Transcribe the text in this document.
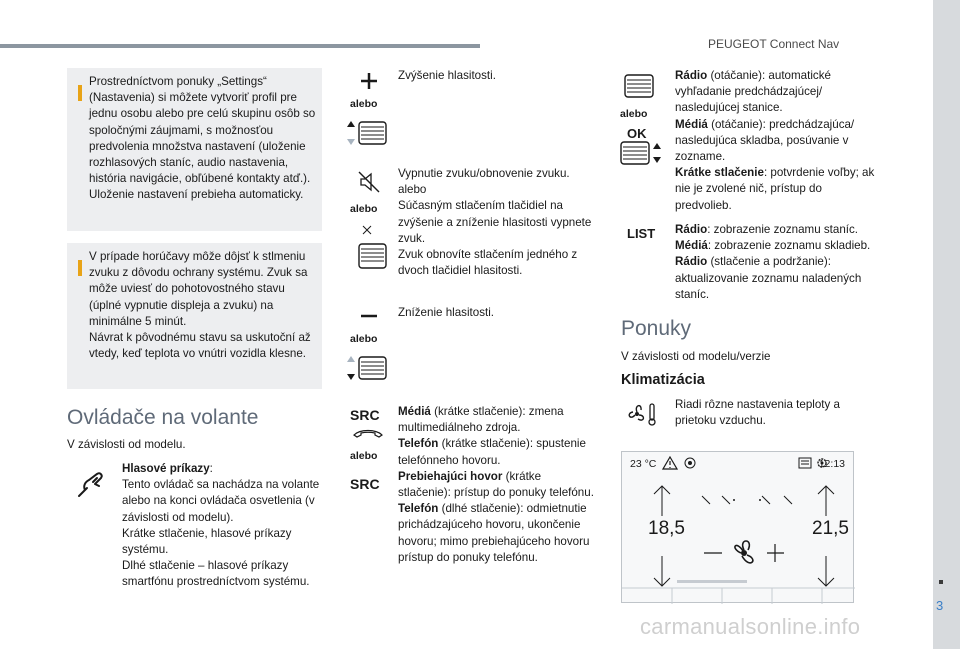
PEUGEOT Connect Nav
3
Prostredníctvom ponuky „Settings“ (Nastavenia) si môžete vytvoriť profil pre jednu osobu alebo pre celú skupinu osôb so spoločnými záujmami, s možnosťou predvolenia množstva nastavení (uloženie rozhlasových staníc, audio nastavenia, história navigácie, obľúbené kontakty atď.). Uloženie nastavení prebieha automaticky.
V prípade horúčavy môže dôjsť k stlmeniu zvuku z dôvodu ochrany systému. Zvuk sa môže uviesť do pohotovostného stavu (úplné vypnutie displeja a zvuku) na minimálne 5 minút.
Návrat k pôvodnému stavu sa uskutoční až vtedy, keď teplota vo vnútri vozidla klesne.
Ovládače na volante
V závislosti od modelu.
Hlasové príkazy:
Tento ovládač sa nachádza na volante alebo na konci ovládača osvetlenia (v závislosti od modelu).
Krátke stlačenie, hlasové príkazy systému.
Dlhé stlačenie – hlasové príkazy smartfónu prostredníctvom systému.
alebo
Zvýšenie hlasitosti.
alebo
Vypnutie zvuku/obnovenie zvuku.
alebo
Súčasným stlačením tlačidiel na zvýšenie a zníženie hlasitosti vypnete zvuk.
Zvuk obnovíte stlačením jedného z dvoch tlačidiel hlasitosti.
alebo
Zníženie hlasitosti.
SRC
alebo
SRC
Médiá (krátke stlačenie): zmena multimediálneho zdroja.
Telefón (krátke stlačenie): spustenie telefónneho hovoru.
Prebiehajúci hovor (krátke stlačenie): prístup do ponuky telefónu.
Telefón (dlhé stlačenie): odmietnutie prichádzajúceho hovoru, ukončenie hovoru; mimo prebiehajúceho hovoru prístup do ponuky telefónu.
alebo
OK
Rádio (otáčanie): automatické vyhľadanie predchádzajúcej/ nasledujúcej stanice.
Médiá (otáčanie): predchádzajúca/ nasledujúca skladba, posúvanie v zozname.
Krátke stlačenie: potvrdenie voľby; ak nie je zvolené nič, prístup do predvolieb.
LIST Rádio: zobrazenie zoznamu staníc.
Médiá: zobrazenie zoznamu skladieb.
Rádio (stlačenie a podržanie): aktualizovanie zoznamu naladených staníc.
Ponuky
V závislosti od modelu/verzie
Klimatizácia
Riadi rôzne nastavenia teploty a prietoku vzduchu.
23 °C	12:13
18,5	21,5
carmanualsonline.info
